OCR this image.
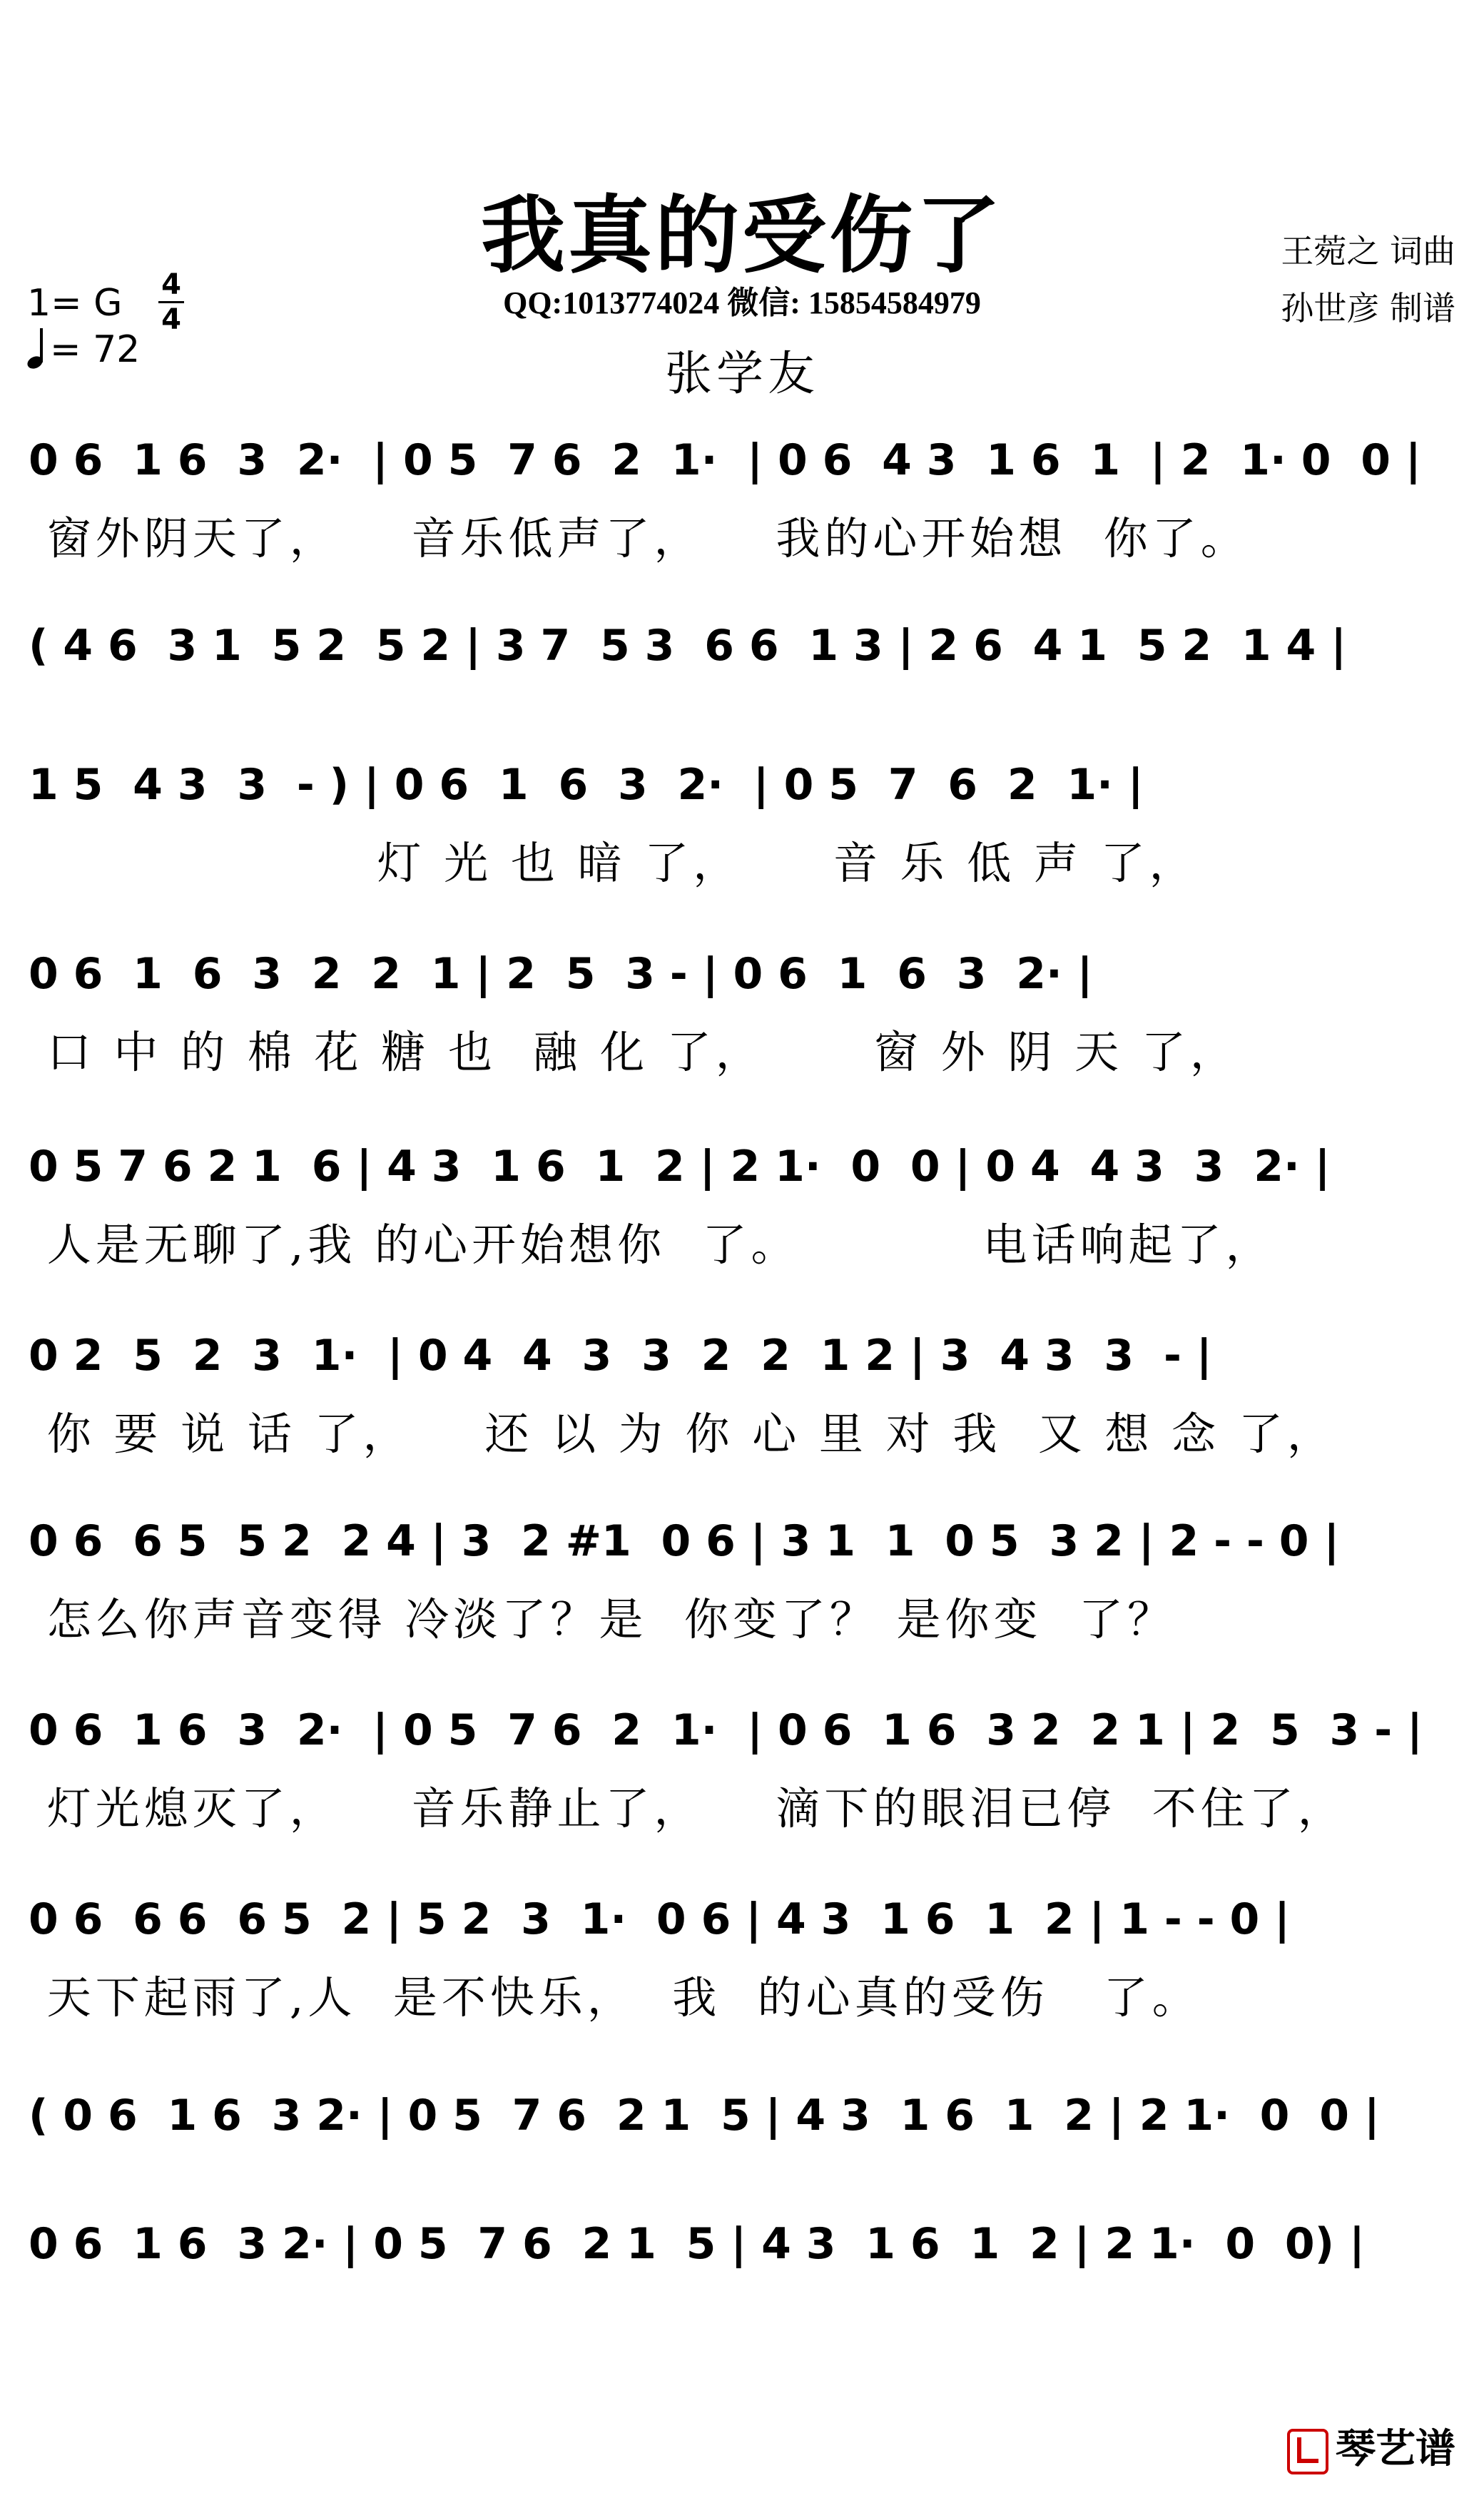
我真的受伤了	王菀之 词曲
孙世彦 制谱
QQ:1013774024 微信: 15854584979
张学友
1= G 4
4
= 72
0 6  1 6  3  2·  | 0 5  7 6  2  1·  | 0 6  4 3  1 6  1  | 2  1· 0  0 |
窗外阴天了，    音乐低声了，    我的心开始想  你了。
( 4 6  3 1  5 2  5 2 | 3 7  5 3  6 6  1 3 | 2 6  4 1  5 2  1 4 |
1 5  4 3  3  - ) | 0 6  1  6  3  2·  | 0 5  7  6  2  1· |
灯 光 也 暗 了，     音 乐 低 声 了，
0 6  1  6  3  2  2  1 | 2  5  3 - | 0 6  1  6  3  2· |
口 中 的 棉 花 糖 也  融 化 了，      窗 外 阴 天 了，
0 5 7 6 2 1  6 | 4 3  1 6  1  2 | 2 1·  0  0 | 0 4  4 3  3  2· |
人是无聊了,我 的心开始想你  了。          电话响起了，
0 2  5  2  3  1·  | 0 4  4  3  3  2  2  1 2 | 3  4 3  3  - |
你 要 说 话 了，    还 以 为 你 心 里 对 我  又 想 念 了，
0 6  6 5  5 2  2 4 | 3  2 #1  0 6 | 3 1  1  0 5  3 2 | 2 - - 0 |
怎么你声音变得 冷淡了？是  你变了？ 是你变  了？
0 6  1 6  3  2·  | 0 5  7 6  2  1·  | 0 6  1 6  3 2  2 1 | 2  5  3 - |
灯光熄灭了，    音乐静止了，    滴下的眼泪已停  不住了，
0 6  6 6  6 5  2 | 5 2  3  1·  0 6 | 4 3  1 6  1  2 | 1 - - 0 |
天下起雨了,人  是不快乐，  我  的心真的受伤   了。
( 0 6  1 6  3 2· | 0 5  7 6  2 1  5 | 4 3  1 6  1  2 | 2 1·  0  0 |
0 6  1 6  3 2· | 0 5  7 6  2 1  5 | 4 3  1 6  1  2 | 2 1·  0  0) |
琴艺谱
